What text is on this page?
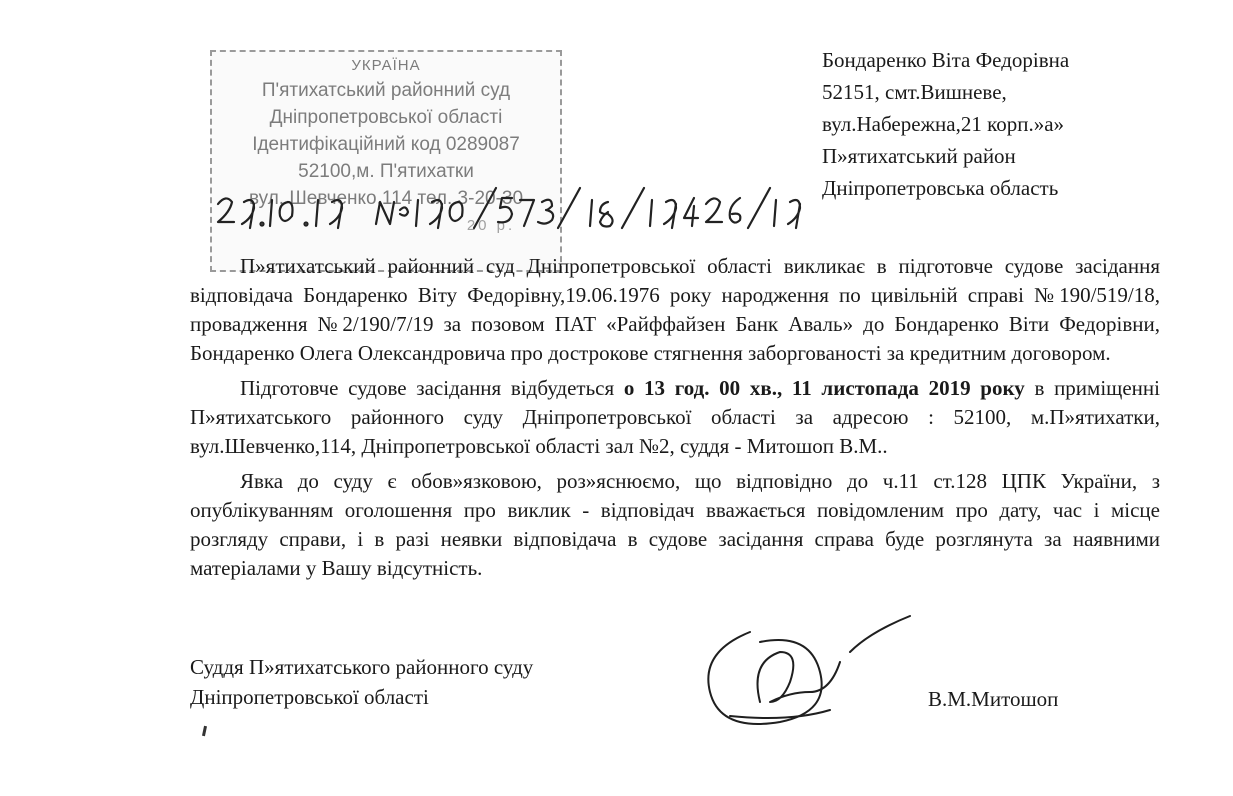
УКРАЇНА
П'ятихатський районний суд
Дніпропетровської області
Ідентифікаційний код 0289087
52100,м. П'ятихатки
вул. Шевченко,114 тел. 3-20-30
20 р.
Бондаренко Віта Федорівна
52151, смт.Вишневе,
вул.Набережна,21 корп.»а»
П»ятихатський район
Дніпропетровська область

П»ятихатський районний суд Дніпропетровської області викликає в підготовче судове засідання відповідача Бондаренко Віту Федорівну,19.06.1976 року народження по цивільній справі №190/519/18, провадження №2/190/7/19 за позовом ПАТ «Райффайзен Банк Аваль» до Бондаренко Віти Федорівни, Бондаренко Олега Олександровича про дострокове стягнення заборгованості за кредитним договором.

Підготовче судове засідання відбудеться о 13 год. 00 хв., 11 листопада 2019 року в приміщенні П»ятихатського районного суду Дніпропетровської області за адресою : 52100, м.П»ятихатки, вул.Шевченко,114, Дніпропетровської області зал №2, суддя - Митошоп В.М..

Явка до суду є обов»язковою, роз»яснюємо, що відповідно до ч.11 ст.128 ЦПК України, з опублікуванням оголошення про виклик - відповідач вважається повідомленим про дату, час і місце розгляду справи, і в разі неявки відповідача в судове засідання справа буде розглянута за наявними матеріалами у Вашу відсутність.

Суддя П»ятихатського районного суду
Дніпропетровської області	В.М.Митошоп
